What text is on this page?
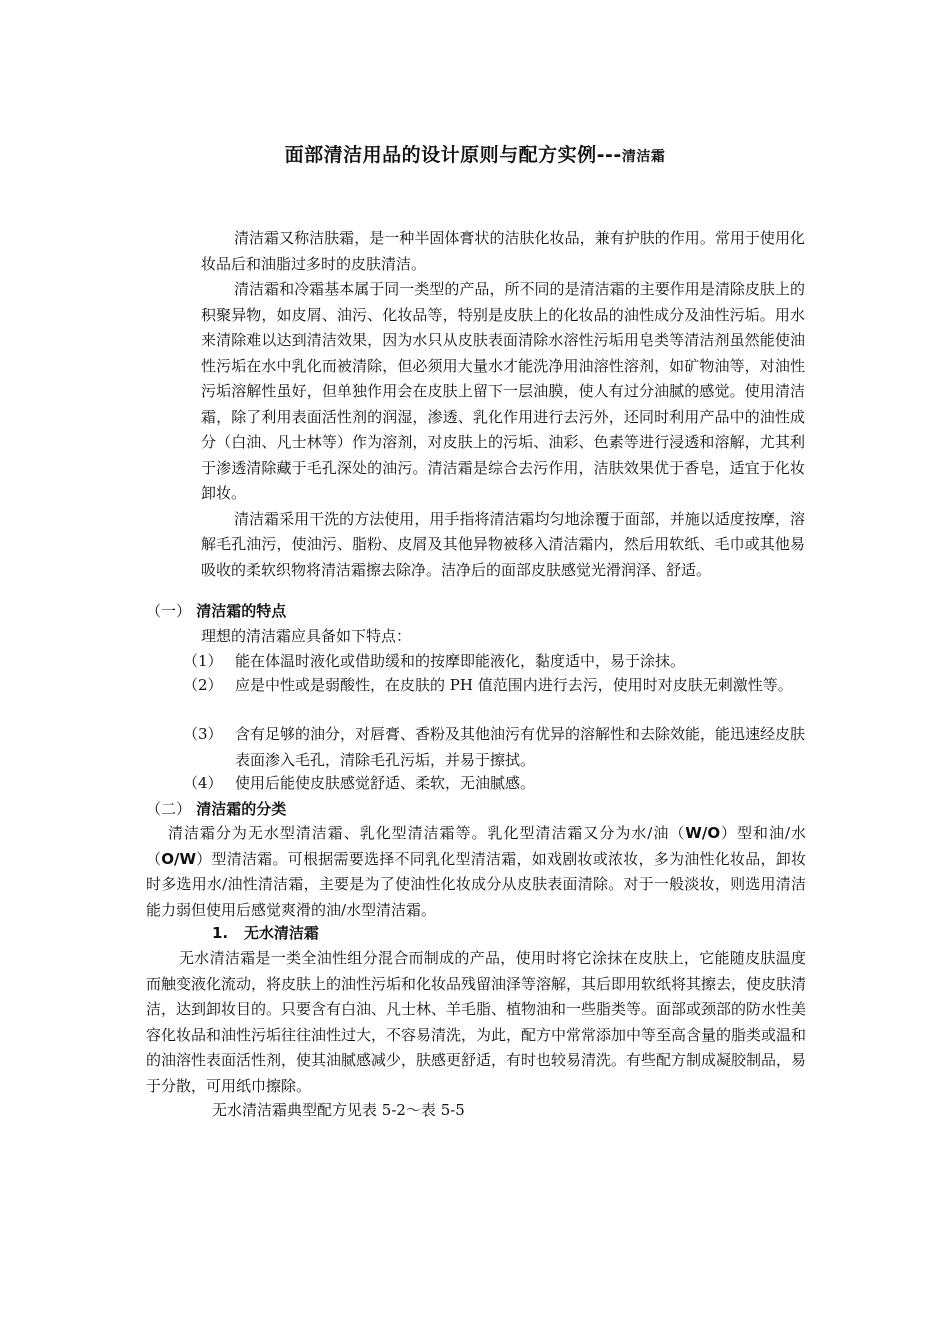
面部清洁用品的设计原则与配方实例---清洁霜

清洁霜又称洁肤霜，是一种半固体膏状的洁肤化妆品，兼有护肤的作用。常用于使用化妆品后和油脂过多时的皮肤清洁。

清洁霜和冷霜基本属于同一类型的产品，所不同的是清洁霜的主要作用是清除皮肤上的积聚异物，如皮屑、油污、化妆品等，特别是皮肤上的化妆品的油性成分及油性污垢。用水来清除难以达到清洁效果，因为水只从皮肤表面清除水溶性污垢用皂类等清洁剂虽然能使油性污垢在水中乳化而被清除，但必须用大量水才能洗净用油溶性溶剂，如矿物油等，对油性污垢溶解性虽好，但单独作用会在皮肤上留下一层油膜，使人有过分油腻的感觉。使用清洁霜，除了利用表面活性剂的润湿，渗透、乳化作用进行去污外，还同时利用产品中的油性成分（白油、凡士林等）作为溶剂，对皮肤上的污垢、油彩、色素等进行浸透和溶解，尤其利于渗透清除藏于毛孔深处的油污。清洁霜是综合去污作用，洁肤效果优于香皂，适宜于化妆卸妆。

清洁霜采用干洗的方法使用，用手指将清洁霜均匀地涂覆于面部，并施以适度按摩，溶解毛孔油污，使油污、脂粉、皮屑及其他异物被移入清洁霜内，然后用软纸、毛巾或其他易吸收的柔软织物将清洁霜擦去除净。洁净后的面部皮肤感觉光滑润泽、舒适。

（一） 清洁霜的特点
理想的清洁霜应具备如下特点：
（1） 能在体温时液化或借助缓和的按摩即能液化，黏度适中，易于涂抹。
（2） 应是中性或是弱酸性，在皮肤的 PH 值范围内进行去污，使用时对皮肤无刺激性等。
（3） 含有足够的油分，对唇膏、香粉及其他油污有优异的溶解性和去除效能，能迅速经皮肤表面渗入毛孔，清除毛孔污垢，并易于擦拭。
（4） 使用后能使皮肤感觉舒适、柔软，无油腻感。
（二） 清洁霜的分类

清洁霜分为无水型清洁霜、乳化型清洁霜等。乳化型清洁霜又分为水/油（W/O）型和油/水（O/W）型清洁霜。可根据需要选择不同乳化型清洁霜，如戏剧妆或浓妆，多为油性化妆品，卸妆时多选用水/油性清洁霜，主要是为了使油性化妆成分从皮肤表面清除。对于一般淡妆，则选用清洁能力弱但使用后感觉爽滑的油/水型清洁霜。

1. 无水清洁霜

无水清洁霜是一类全油性组分混合而制成的产品，使用时将它涂抹在皮肤上，它能随皮肤温度而触变液化流动，将皮肤上的油性污垢和化妆品残留油泽等溶解，其后即用软纸将其擦去，使皮肤清洁，达到卸妆目的。只要含有白油、凡士林、羊毛脂、植物油和一些脂类等。面部或颈部的防水性美容化妆品和油性污垢往往油性过大，不容易清洗，为此，配方中常常添加中等至高含量的脂类或温和的油溶性表面活性剂，使其油腻感减少，肤感更舒适，有时也较易清洗。有些配方制成凝胶制品，易于分散，可用纸巾擦除。

无水清洁霜典型配方见表 5-2～表 5-5
